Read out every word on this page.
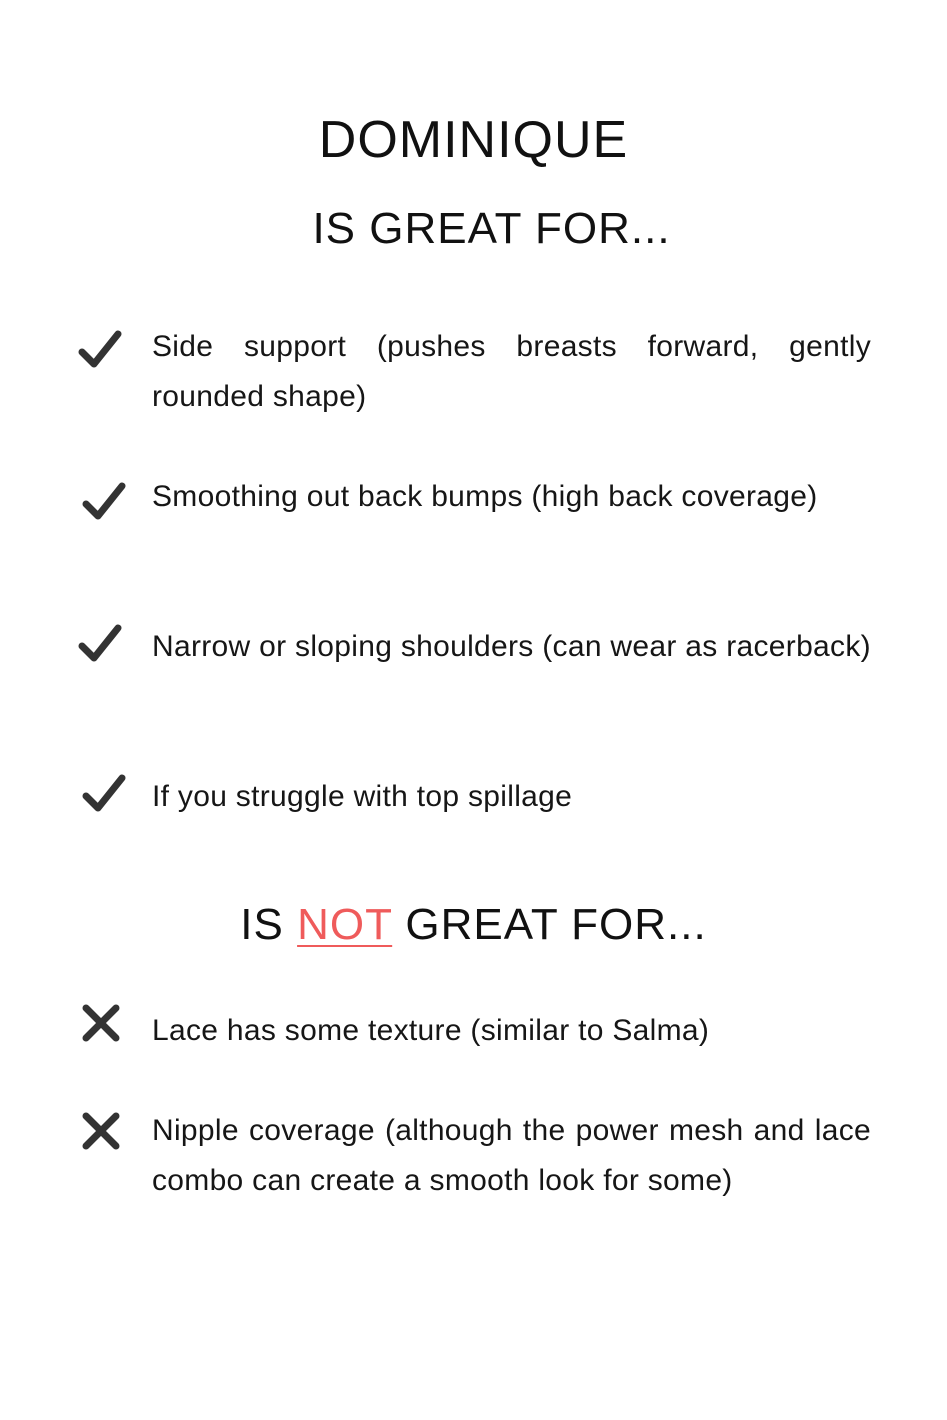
DOMINIQUE
IS GREAT FOR...
Side support (pushes breasts forward, gently rounded shape)
Smoothing out back bumps (high back coverage)
Narrow or sloping shoulders (can wear as racerback)
If you struggle with top spillage
IS NOT GREAT FOR...
Lace has some texture (similar to Salma)
Nipple coverage (although the power mesh and lace combo can create a smooth look for some)
